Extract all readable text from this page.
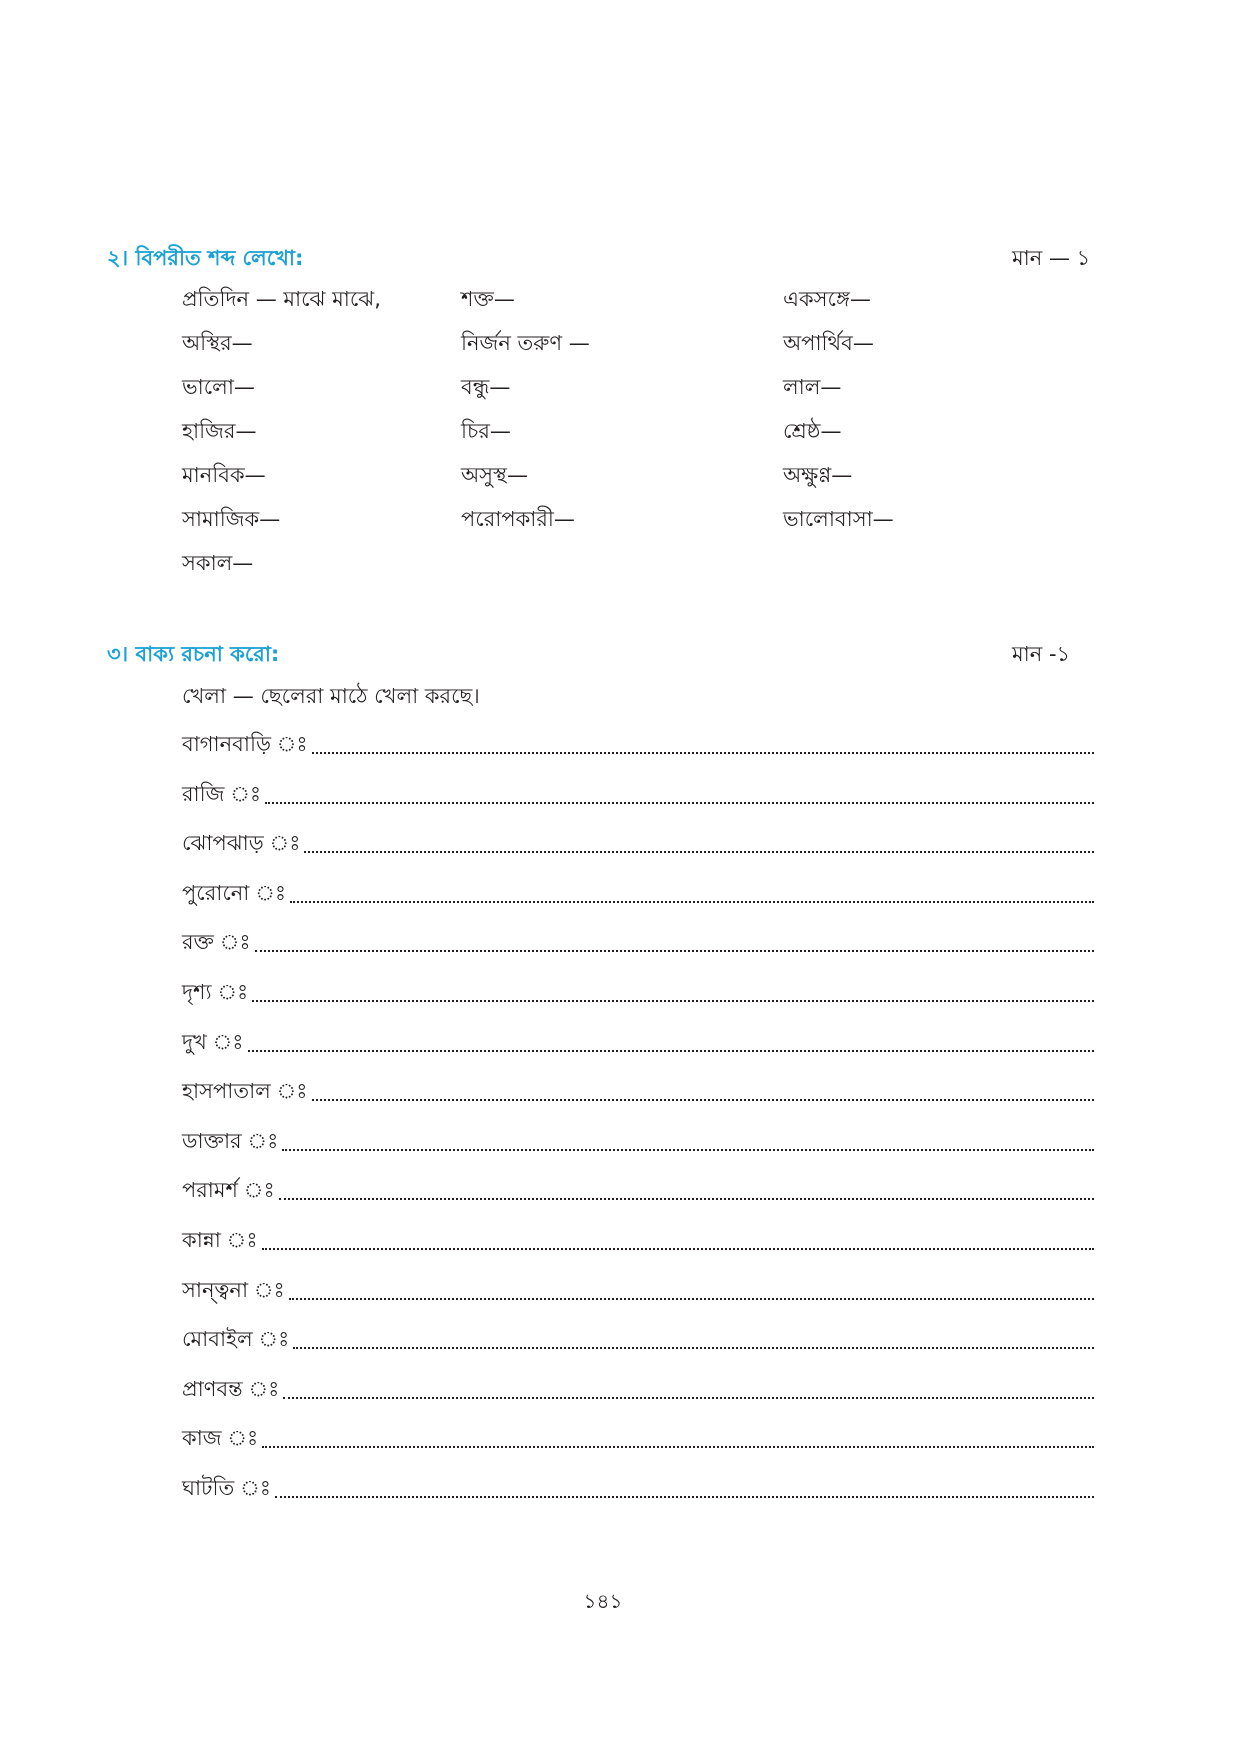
২। বিপরীত শব্দ লেখো:	মান — ১
প্রতিদিন — মাঝে মাঝে,	শক্ত—	একসঙ্গে—
অস্থির—	নির্জন তরুণ —	অপার্থিব—
ভালো—	বন্ধু—	লাল—
হাজির—	চির—	শ্রেষ্ঠ—
মানবিক—	অসুস্থ—	অক্ষুণ্ণ—
সামাজিক—	পরোপকারী—	ভালোবাসা—
সকাল—
৩। বাক্য রচনা করো:	মান -১
খেলা — ছেলেরা মাঠে খেলা করছে।
বাগানবাড়ি ঃ
রাজি ঃ
ঝোপঝাড় ঃ
পুরোনো ঃ
রক্ত ঃ
দৃশ্য ঃ
দুখ ঃ
হাসপাতাল ঃ
ডাক্তার ঃ
পরামর্শ ঃ
কান্না ঃ
সান্ত্বনা ঃ
মোবাইল ঃ
প্রাণবন্ত ঃ
কাজ ঃ
ঘাটতি ঃ
১৪১
